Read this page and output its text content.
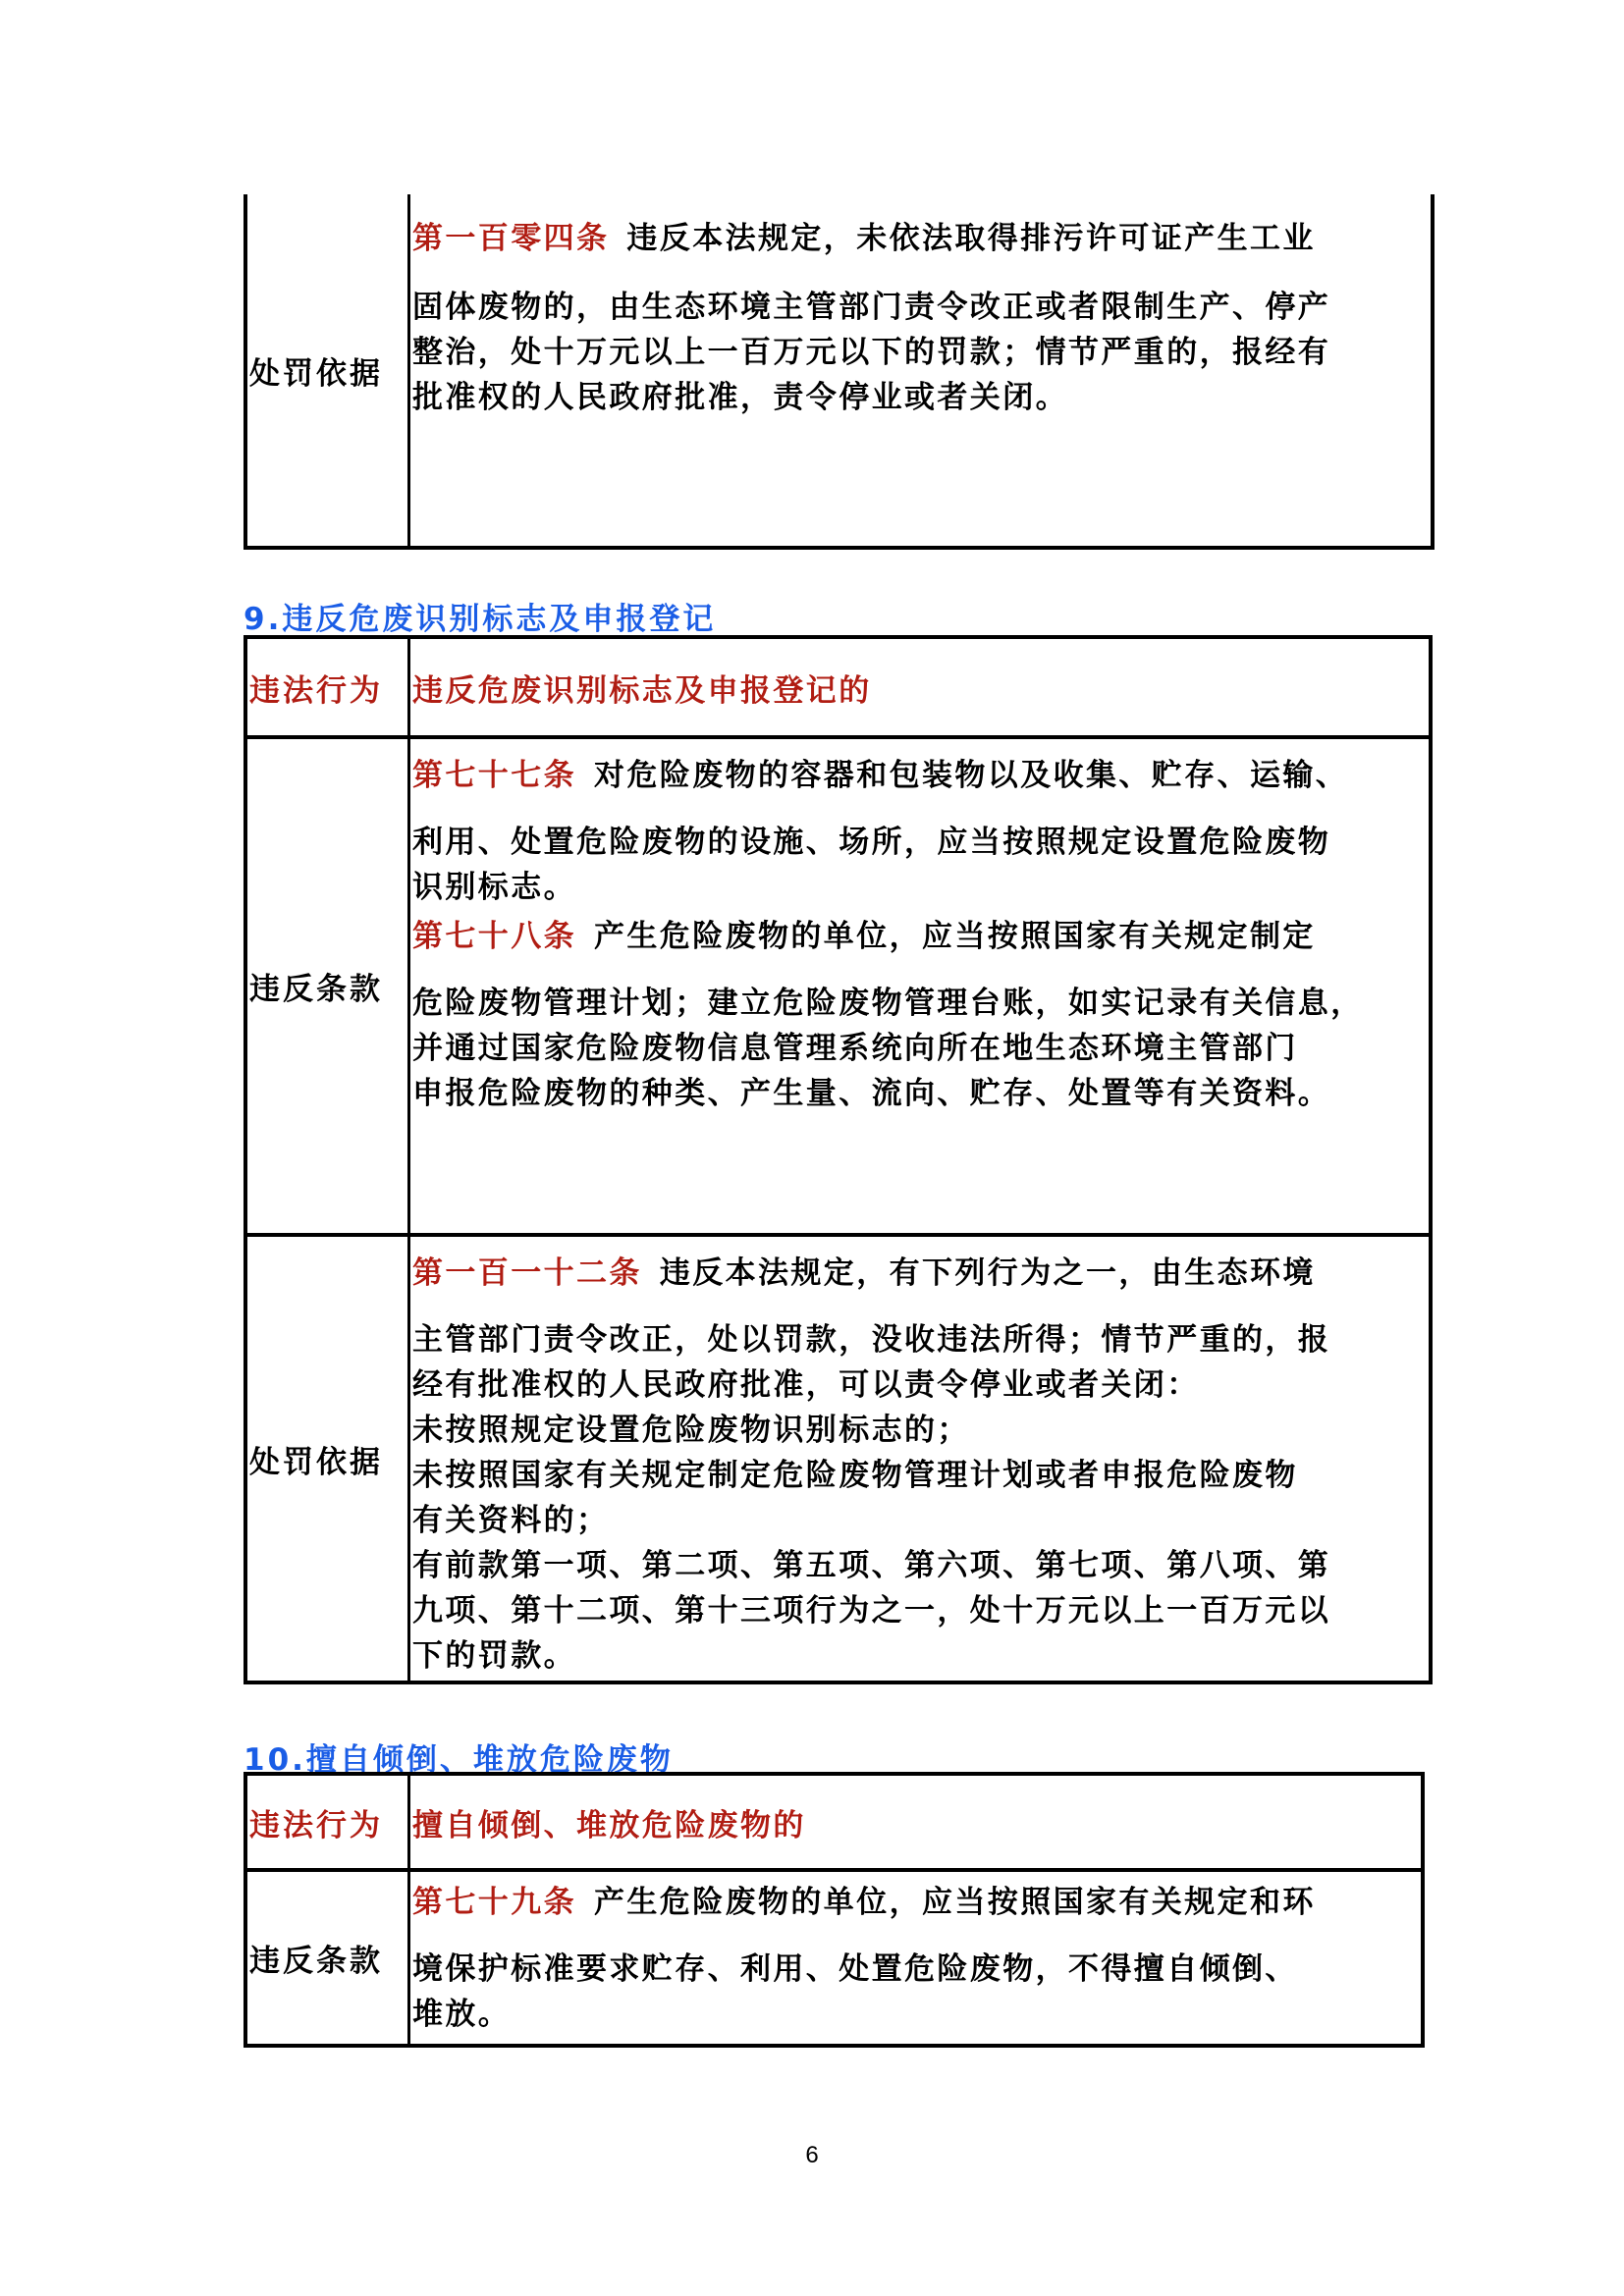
处罚依据
第一百零四条 违反本法规定，未依法取得排污许可证产生工业
固体废物的，由生态环境主管部门责令改正或者限制生产、停产
整治，处十万元以上一百万元以下的罚款；情节严重的，报经有
批准权的人民政府批准，责令停业或者关闭。
9.违反危废识别标志及申报登记
违法行为 违反危废识别标志及申报登记的
违反条款
第七十七条 对危险废物的容器和包装物以及收集、贮存、运输、
利用、处置危险废物的设施、场所，应当按照规定设置危险废物
识别标志。
第七十八条 产生危险废物的单位，应当按照国家有关规定制定
危险废物管理计划；建立危险废物管理台账，如实记录有关信息，
并通过国家危险废物信息管理系统向所在地生态环境主管部门
申报危险废物的种类、产生量、流向、贮存、处置等有关资料。
处罚依据
第一百一十二条 违反本法规定，有下列行为之一，由生态环境
主管部门责令改正，处以罚款，没收违法所得；情节严重的，报
经有批准权的人民政府批准，可以责令停业或者关闭：
未按照规定设置危险废物识别标志的；
未按照国家有关规定制定危险废物管理计划或者申报危险废物
有关资料的；
有前款第一项、第二项、第五项、第六项、第七项、第八项、第
九项、第十二项、第十三项行为之一，处十万元以上一百万元以
下的罚款。
10.擅自倾倒、堆放危险废物
违法行为 擅自倾倒、堆放危险废物的
违反条款
第七十九条 产生危险废物的单位，应当按照国家有关规定和环
境保护标准要求贮存、利用、处置危险废物，不得擅自倾倒、
堆放。
6
